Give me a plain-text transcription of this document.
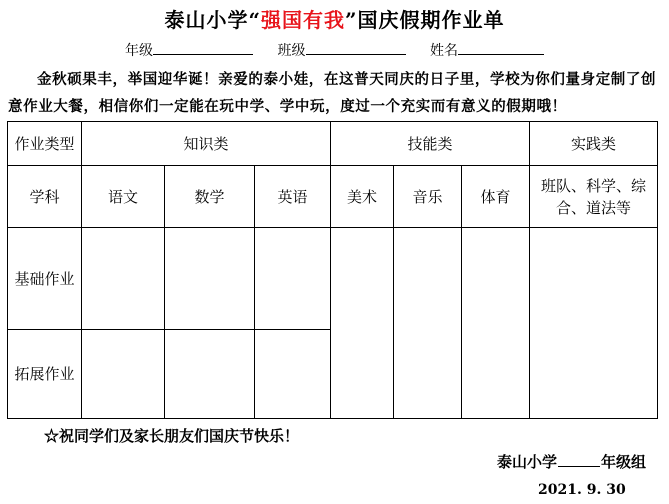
泰山小学“强国有我”国庆假期作业单
年级	班级	姓名
金秋硕果丰，举国迎华诞！亲爱的泰小娃，在这普天同庆的日子里，学校为你们量身定制了创意作业大餐，相信你们一定能在玩中学、学中玩，度过一个充实而有意义的假期哦！
作业类型	知识类			技能类			实践类
学科	语文	数学	英语	美术	音乐	体育	班队、科学、综合、道法等
基础作业							
拓展作业							
☆祝同学们及家长朋友们国庆节快乐！
泰山小学	年级组
2021. 9. 30
